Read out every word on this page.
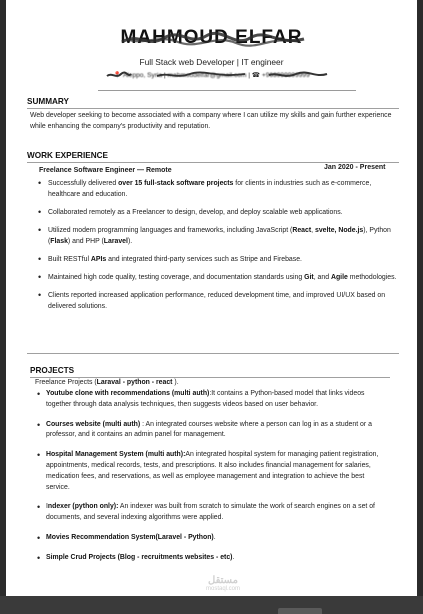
MAHMOUD ELFAR
Full Stack web Developer | IT engineer
📍 Aleppo, Syria | mahmoudelfar@gmail.com | ☎ +963999999999
SUMMARY
Web developer seeking to become associated with a company where I can utilize my skills and gain further experience while enhancing the company's productivity and reputation.
WORK EXPERIENCE
Freelance Software Engineer — Remote	Jan 2020 - Present
• Successfully delivered over 15 full-stack software projects for clients in industries such as e-commerce, healthcare and education.
• Collaborated remotely as a Freelancer to design, develop, and deploy scalable web applications.
• Utilized modern programming languages and frameworks, including JavaScript (React, svelte, Node.js), Python (Flask) and PHP (Laravel).
• Built RESTful APIs and integrated third-party services such as Stripe and Firebase.
• Maintained high code quality, testing coverage, and documentation standards using Git, and Agile methodologies.
• Clients reported increased application performance, reduced development time, and improved UI/UX based on delivered solutions.
PROJECTS
Freelance Projects (Laraval - python - react ).
• Youtube clone with recommendations (multi auth):It contains a Python-based model that links videos together through data analysis techniques, then suggests videos based on user behavior.
• Courses website (multi auth) : An integrated courses website where a person can log in as a student or a professor, and it contains an admin panel for management.
• Hospital Management System (multi auth):An integrated hospital system for managing patient registration, appointments, medical records, tests, and prescriptions. It also includes financial management for salaries, medication fees, and reservations, as well as employee management and integration to achieve the best service.
• Indexer (python only): An indexer was built from scratch to simulate the work of search engines on a set of documents, and several indexing algorithms were applied.
• Movies Recommendation System(Laravel - Python).
• Simple Crud Projects (Blog - recruitments websites - etc).
مستقل
mostaql.com
